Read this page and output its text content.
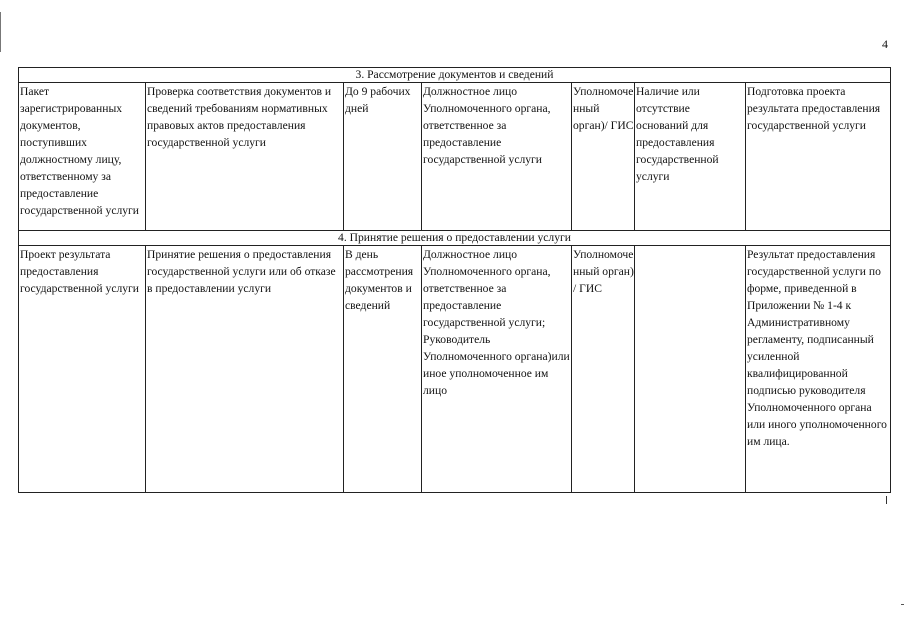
4
3. Рассмотрение документов и сведений						
Пакет зарегистрированных документов, поступивших должностному лицу, ответственному за предоставление государственной услуги	Проверка соответствия документов и сведений требованиям нормативных правовых актов предоставления государственной услуги	До 9 рабочих дней	Должностное лицо Уполномоченного органа, ответственное за предоставление государственной услуги	Уполномоченный орган)/ ГИС	Наличие или отсутствие оснований для предоставления государственной услуги	Подготовка проекта результата предоставления государственной услуги
4. Принятие решения о предоставлении услуги						
Проект результата предоставления государственной услуги	Принятие решения о предоставления государственной услуги или об отказе в предоставлении услуги	В день рассмотрения документов и сведений	Должностное лицо Уполномоченного органа, ответственное за предоставление государственной услуги; Руководитель Уполномоченного органа)или иное уполномоченное им лицо	Уполномоченный орган) / ГИС		Результат предоставления государственной услуги по форме, приведенной в Приложении № 1-4 к Административному регламенту, подписанный усиленной квалифицированной подписью руководителя Уполномоченного органа или иного уполномоченного им лица.
